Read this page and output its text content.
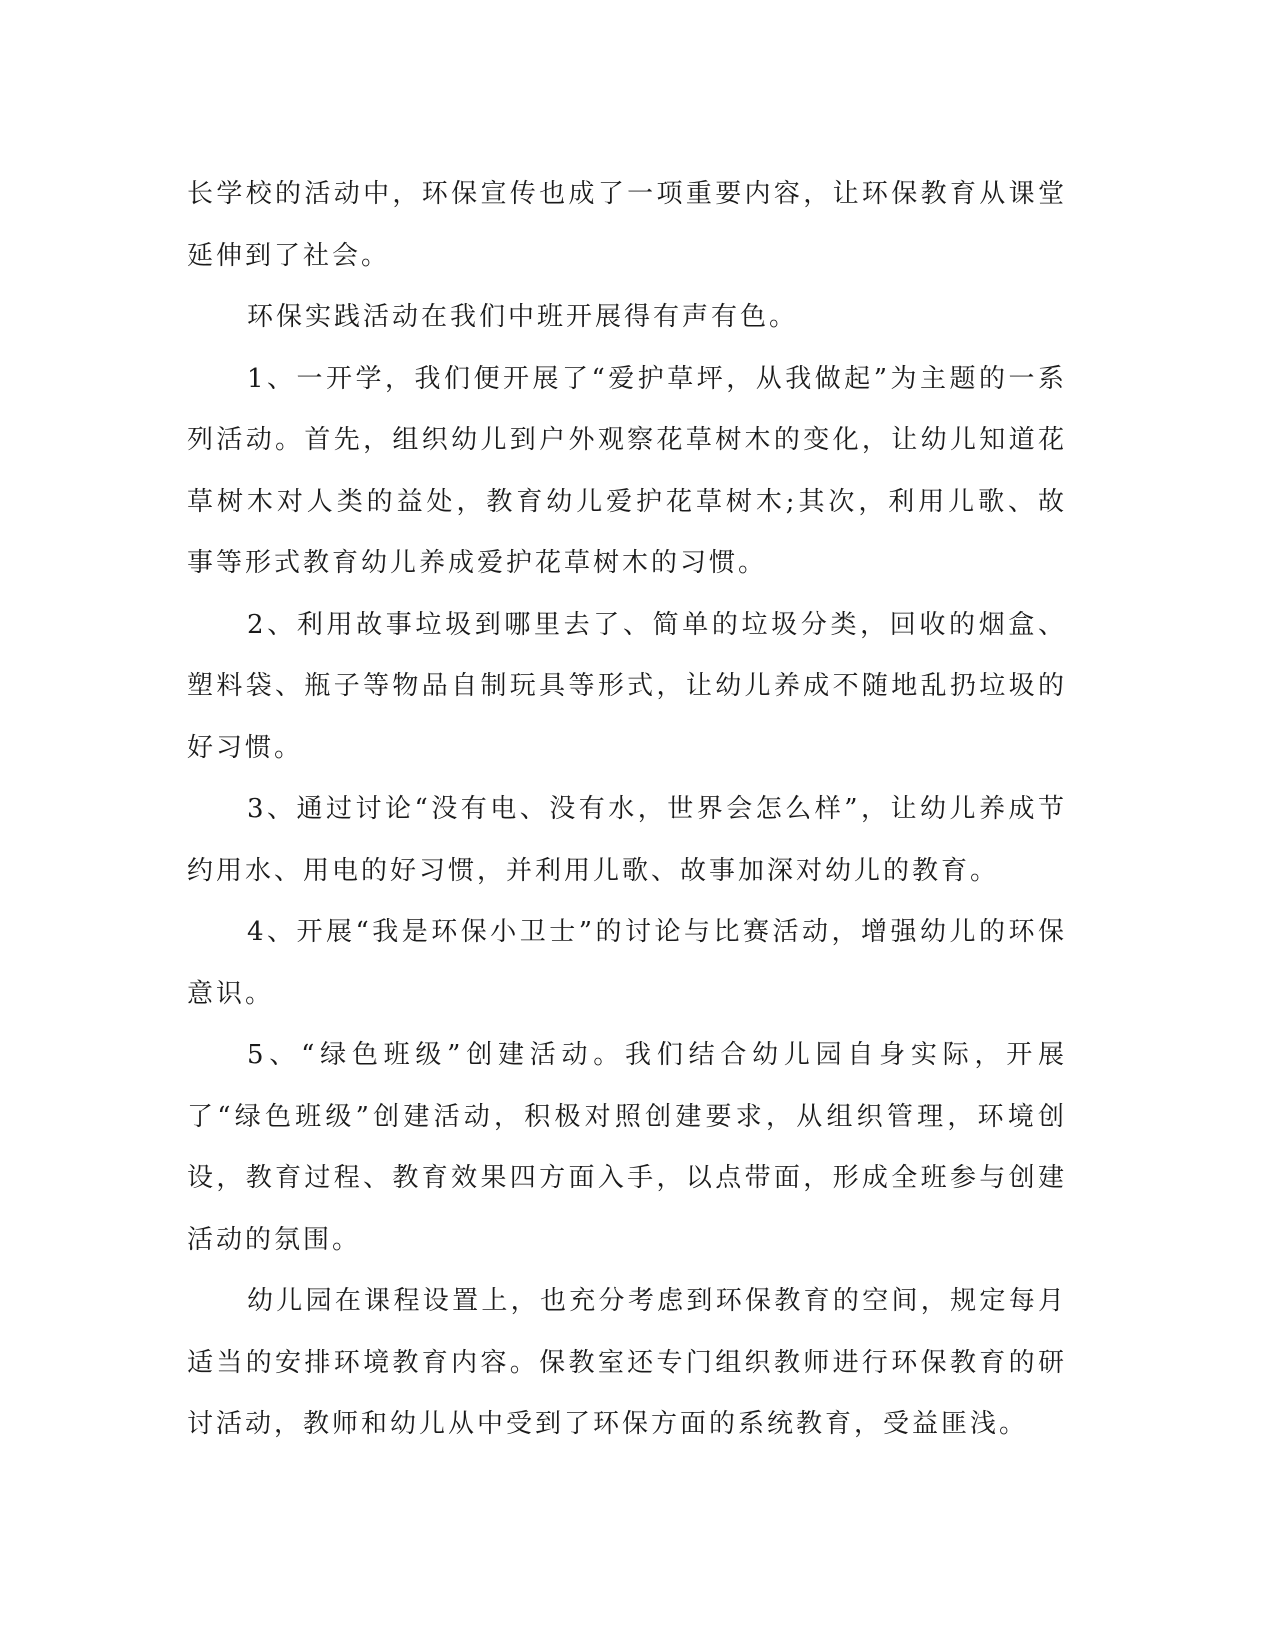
长学校的活动中，环保宣传也成了一项重要内容，让环保教育从课堂延伸到了社会。

环保实践活动在我们中班开展得有声有色。

1、一开学，我们便开展了“爱护草坪，从我做起”为主题的一系列活动。首先，组织幼儿到户外观察花草树木的变化，让幼儿知道花草树木对人类的益处，教育幼儿爱护花草树木;其次，利用儿歌、故事等形式教育幼儿养成爱护花草树木的习惯。

2、利用故事垃圾到哪里去了、简单的垃圾分类，回收的烟盒、塑料袋、瓶子等物品自制玩具等形式，让幼儿养成不随地乱扔垃圾的好习惯。

3、通过讨论“没有电、没有水，世界会怎么样”，让幼儿养成节约用水、用电的好习惯，并利用儿歌、故事加深对幼儿的教育。

4、开展“我是环保小卫士”的讨论与比赛活动，增强幼儿的环保意识。

5、“绿色班级”创建活动。我们结合幼儿园自身实际，开展了“绿色班级”创建活动，积极对照创建要求，从组织管理，环境创设，教育过程、教育效果四方面入手，以点带面，形成全班参与创建活动的氛围。

幼儿园在课程设置上，也充分考虑到环保教育的空间，规定每月适当的安排环境教育内容。保教室还专门组织教师进行环保教育的研讨活动，教师和幼儿从中受到了环保方面的系统教育，受益匪浅。
